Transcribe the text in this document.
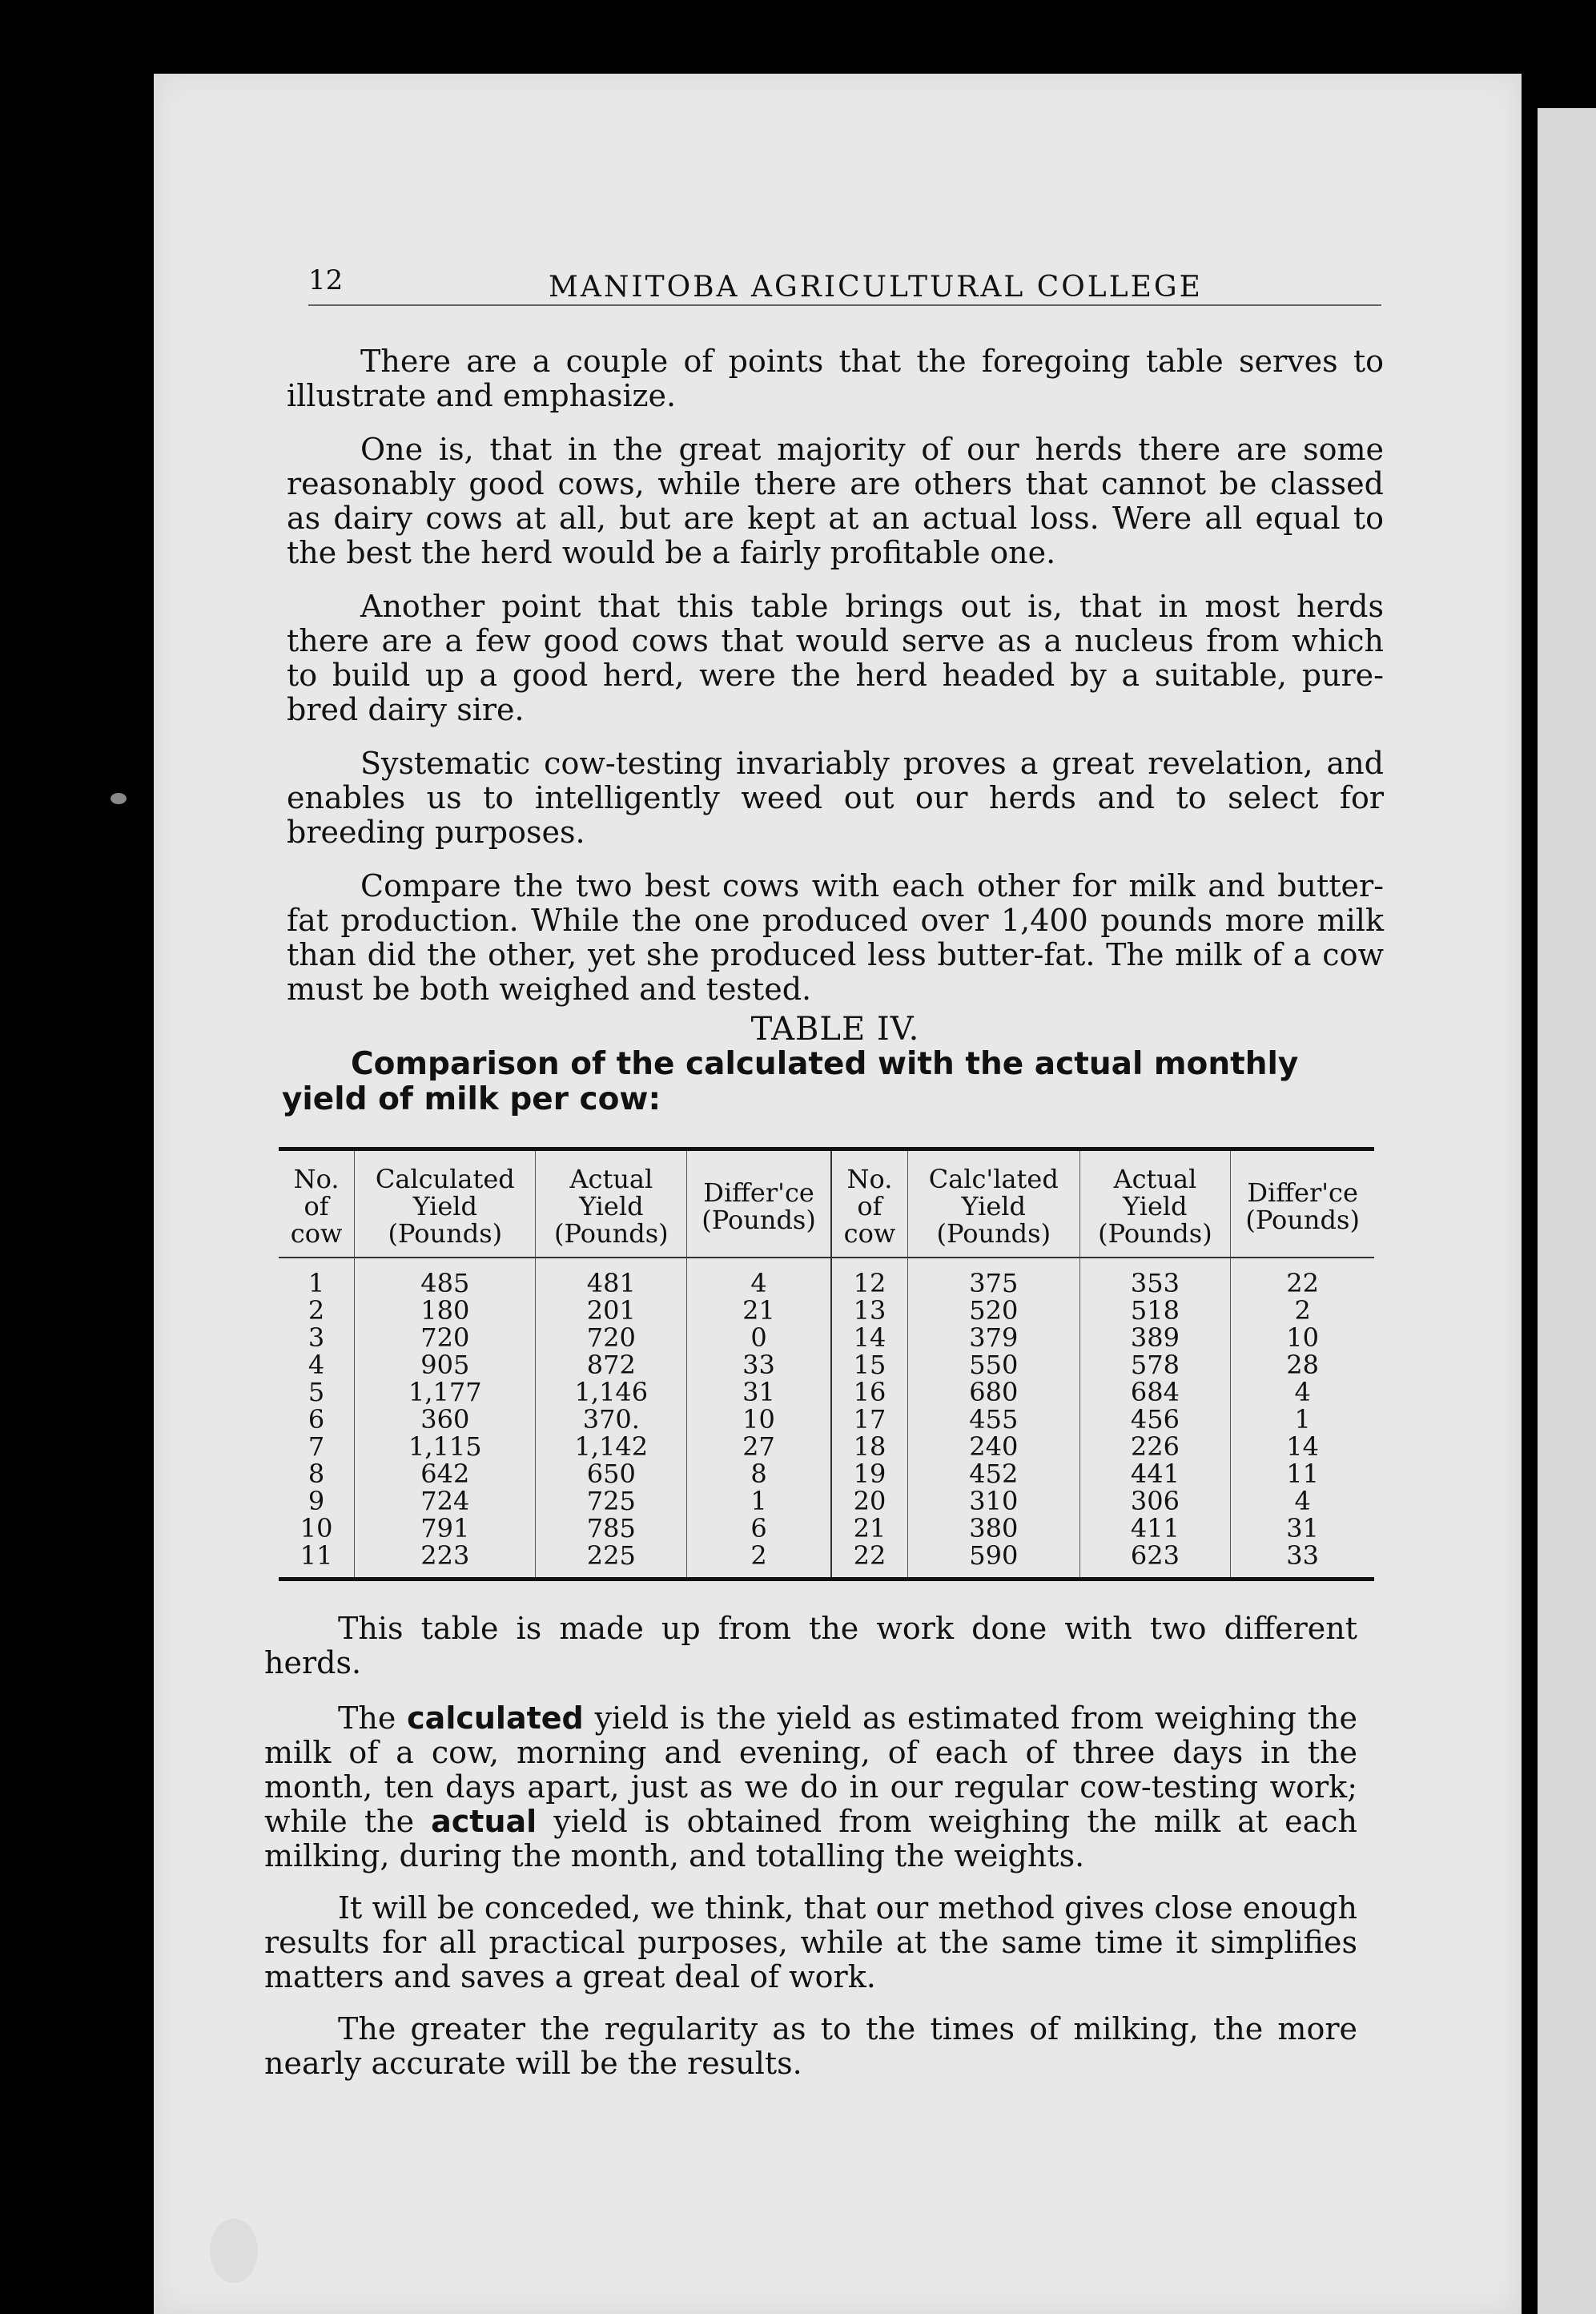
12	MANITOBA AGRICULTURAL COLLEGE

There are a couple of points that the foregoing table serves to illustrate and emphasize.

One is, that in the great majority of our herds there are some reasonably good cows, while there are others that cannot be classed as dairy cows at all, but are kept at an actual loss. Were all equal to the best the herd would be a fairly profitable one.

Another point that this table brings out is, that in most herds there are a few good cows that would serve as a nucleus from which to build up a good herd, were the herd headed by a suitable, pure-bred dairy sire.

Systematic cow-testing invariably proves a great revelation, and enables us to intelligently weed out our herds and to select for breeding purposes.

Compare the two best cows with each other for milk and butter-fat production. While the one produced over 1,400 pounds more milk than did the other, yet she produced less butter-fat. The milk of a cow must be both weighed and tested.

TABLE IV.
Comparison of the calculated with the actual monthly yield of milk per cow:
No. of cow	Calculated Yield (Pounds)	Actual Yield (Pounds)	Differ'ce (Pounds)	No. of cow	Calc'lated Yield (Pounds)	Actual Yield (Pounds)	Differ'ce (Pounds)
1	485	481	4	12	375	353	22
2	180	201	21	13	520	518	2
3	720	720	0	14	379	389	10
4	905	872	33	15	550	578	28
5	1,177	1,146	31	16	680	684	4
6	360	370.	10	17	455	456	1
7	1,115	1,142	27	18	240	226	14
8	642	650	8	19	452	441	11
9	724	725	1	20	310	306	4
10	791	785	6	21	380	411	31
11	223	225	2	22	590	623	33

This table is made up from the work done with two different herds.

The calculated yield is the yield as estimated from weighing the milk of a cow, morning and evening, of each of three days in the month, ten days apart, just as we do in our regular cow-testing work; while the actual yield is obtained from weighing the milk at each milking, during the month, and totalling the weights.

It will be conceded, we think, that our method gives close enough results for all practical purposes, while at the same time it simplifies matters and saves a great deal of work.

The greater the regularity as to the times of milking, the more nearly accurate will be the results.
